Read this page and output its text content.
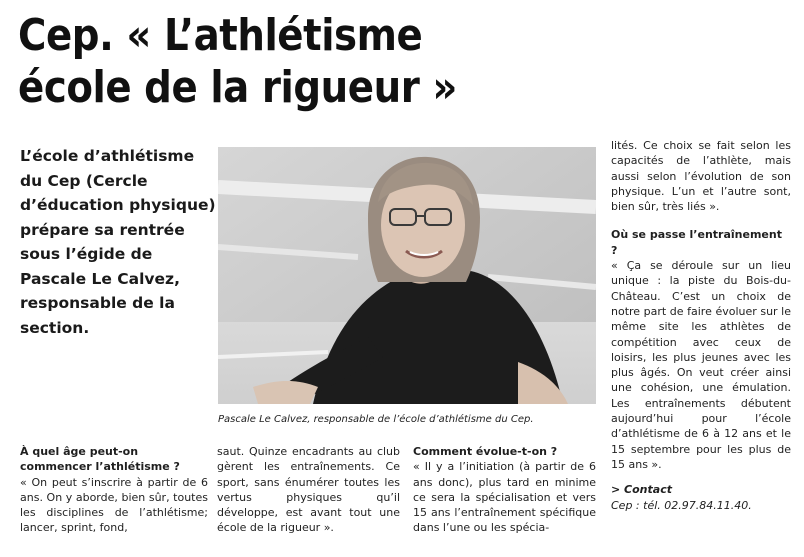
Cep. « L’athlétisme
école de la rigueur »

L’école d’athlétisme du Cep (Cercle d’éducation physique) prépare sa rentrée sous l’égide de Pascale Le Calvez, responsable de la section.

Pascale Le Calvez, responsable de l’école d’athlétisme du Cep.

À quel âge peut-on commencer l’athlétisme ?

« On peut s’inscrire à partir de 6 ans. On y aborde, bien sûr, toutes les disciplines de l’athlétisme; lancer, sprint, fond,

saut. Quinze encadrants au club gèrent les entraînements. Ce sport, sans énumérer toutes les vertus physiques qu’il développe, est avant tout une école de la rigueur ».

Comment évolue-t-on ?

« Il y a l’initiation (à partir de 6 ans donc), plus tard en minime ce sera la spécialisation et vers 15 ans l’entraînement spécifique dans l’une ou les spécia-

lités. Ce choix se fait selon les capacités de l’athlète, mais aussi selon l’évolution de son physique. L’un et l’autre sont, bien sûr, très liés ».

Où se passe l’entraînement ?

« Ça se déroule sur un lieu unique : la piste du Bois-du-Château. C’est un choix de notre part de faire évoluer sur le même site les athlètes de compétition avec ceux de loisirs, les plus jeunes avec les plus âgés. On veut créer ainsi une cohésion, une émulation. Les entraînements débutent aujourd’hui pour l’école d’athlétisme de 6 à 12 ans et le 15 septembre pour les plus de 15 ans ».

> Contact

Cep : tél. 02.97.84.11.40.
